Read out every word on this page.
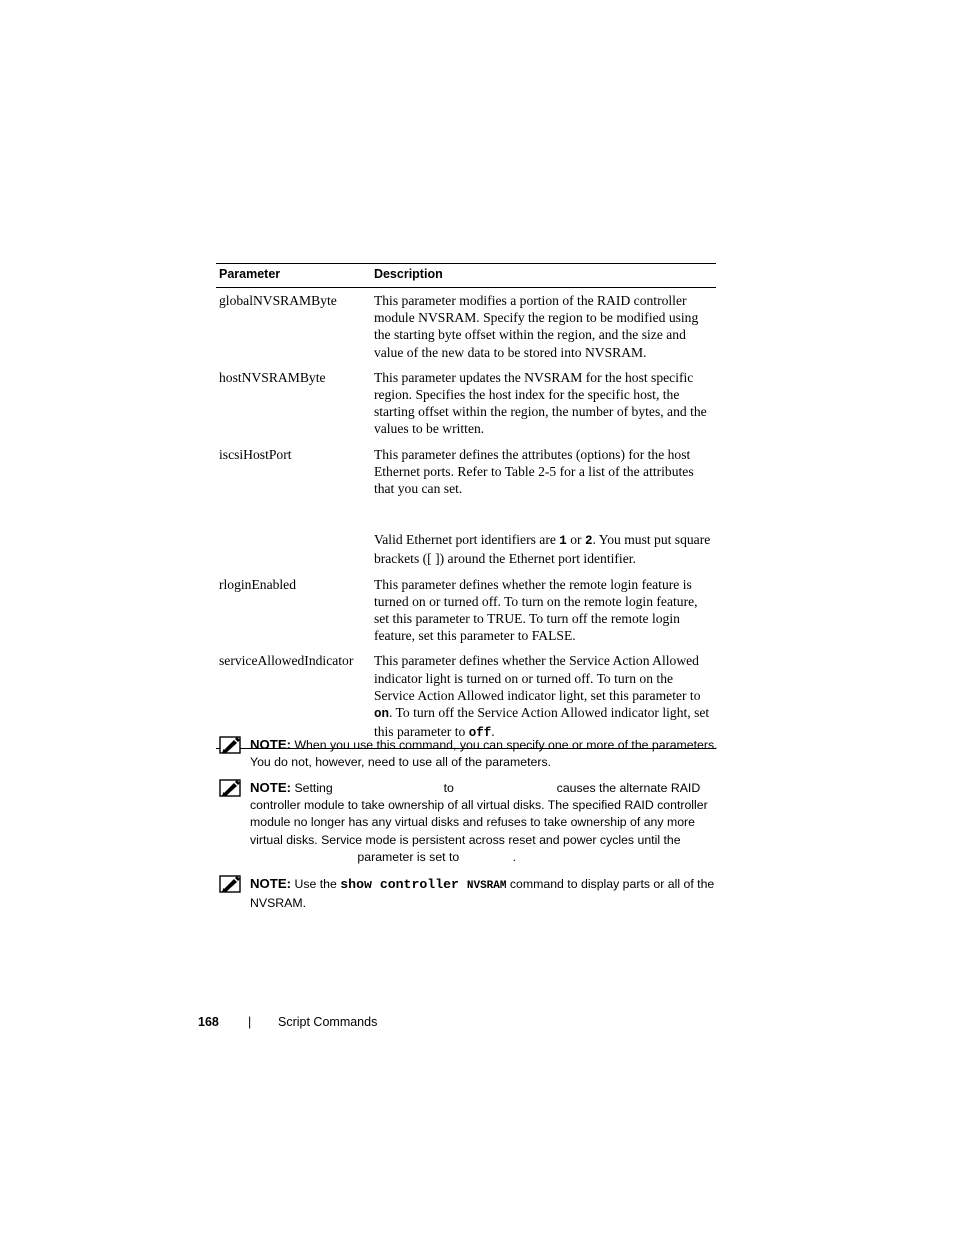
Parameter	Description
globalNVSRAMByte	This parameter modifies a portion of the RAID controller module NVSRAM. Specify the region to be modified using the starting byte offset within the region, and the size and value of the new data to be stored into NVSRAM.
hostNVSRAMByte	This parameter updates the NVSRAM for the host specific region. Specifies the host index for the specific host, the starting offset within the region, the number of bytes, and the values to be written.
iscsiHostPort	This parameter defines the attributes (options) for the host Ethernet ports. Refer to Table 2-5 for a list of the attributes that you can set.
Valid Ethernet port identifiers are 1 or 2. You must put square brackets ([ ]) around the Ethernet port identifier.
rloginEnabled	This parameter defines whether the remote login feature is turned on or turned off. To turn on the remote login feature, set this parameter to TRUE. To turn off the remote login feature, set this parameter to FALSE.
serviceAllowedIndicator	This parameter defines whether the Service Action Allowed indicator light is turned on or turned off. To turn on the Service Action Allowed indicator light, set this parameter to on. To turn off the Service Action Allowed indicator light, set this parameter to off.
NOTE: When you use this command, you can specify one or more of the parameters. You do not, however, need to use all of the parameters.
NOTE: Setting	to	causes the alternate RAID controller module to take ownership of all virtual disks. The specified RAID controller module no longer has any virtual disks and refuses to take ownership of any more virtual disks. Service mode is persistent across reset and power cycles until the  parameter is set to	.
NOTE: Use the show controller NVSRAM command to display parts or all of the NVSRAM.
168 | Script Commands
